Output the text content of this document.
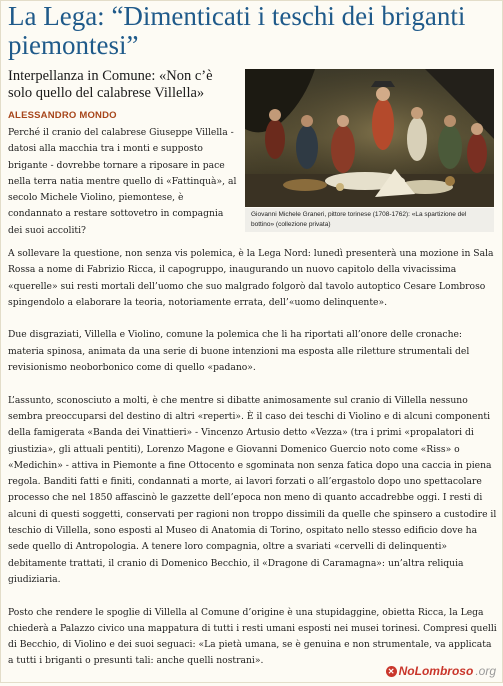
La Lega: “Dimenticati i teschi dei briganti piemontesi”

Interpellanza in Comune: «Non c’è solo quello del calabrese Villella»

ALESSANDRO MONDO
Perché il cranio del calabrese Giuseppe Villella - datosi alla macchia tra i monti e supposto brigante - dovrebbe tornare a riposare in pace nella terra natia mentre quello di «Fattinquà», al secolo Michele Violino, piemontese, è condannato a restare sottovetro in compagnia dei suoi accoliti?
Giovanni Michele Graneri, pittore torinese (1708-1762): «La spartizione del bottino» (collezione privata)

A sollevare la questione, non senza vis polemica, è la Lega Nord: lunedì presenterà una mozione in Sala Rossa a nome di Fabrizio Ricca, il capogruppo, inaugurando un nuovo capitolo della vivacissima «querelle» sui resti mortali dell’uomo che suo malgrado folgorò dal tavolo autoptico Cesare Lombroso spingendolo a elaborare la teoria, notoriamente errata, dell’«uomo delinquente».

Due disgraziati, Villella e Violino, comune la polemica che li ha riportati all’onore delle cronache: materia spinosa, animata da una serie di buone intenzioni ma esposta alle riletture strumentali del revisionismo neoborbonico come di quello «padano».

L’assunto, sconosciuto a molti, è che mentre si dibatte animosamente sul cranio di Villella nessuno sembra preoccuparsi del destino di altri «reperti». È il caso dei teschi di Violino e di alcuni componenti della famigerata «Banda dei Vinattieri» - Vincenzo Artusio detto «Vezza» (tra i primi «propalatori di giustizia», gli attuali pentiti), Lorenzo Magone e Giovanni Domenico Guercio noto come «Riss» o «Medichin» - attiva in Piemonte a fine Ottocento e sgominata non senza fatica dopo una caccia in piena regola. Banditi fatti e finiti, condannati a morte, ai lavori forzati o all’ergastolo dopo uno spettacolare processo che nel 1850 affascinò le gazzette dell’epoca non meno di quanto accadrebbe oggi. I resti di alcuni di questi soggetti, conservati per ragioni non troppo dissimili da quelle che spinsero a custodire il teschio di Villella, sono esposti al Museo di Anatomia di Torino, ospitato nello stesso edificio dove ha sede quello di Antropologia. A tenere loro compagnia, oltre a svariati «cervelli di delinquenti» debitamente trattati, il cranio di Domenico Becchio, il «Dragone di Caramagna»: un’altra reliquia giudiziaria.

Posto che rendere le spoglie di Villella al Comune d’origine è una stupidaggine, obietta Ricca, la Lega chiederà a Palazzo civico una mappatura di tutti i resti umani esposti nei musei torinesi. Compresi quelli di Becchio, di Violino e dei suoi seguaci: «La pietà umana, se è genuina e non strumentale, va applicata a tutti i briganti o presunti tali: anche quelli nostrani».

✕ NoLombroso .org
